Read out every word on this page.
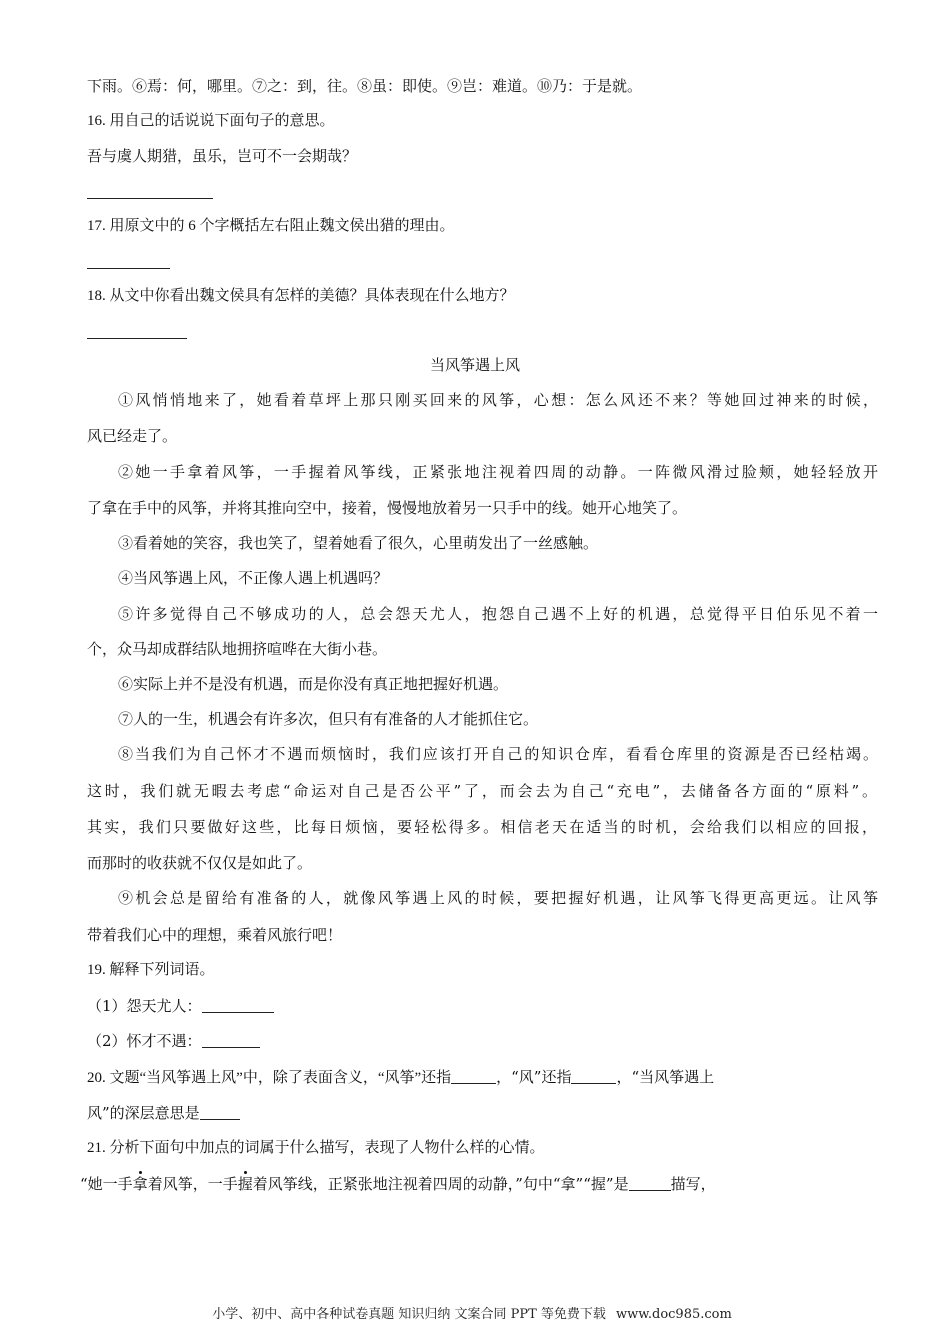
下雨。⑥焉：何，哪里。⑦之：到，往。⑧虽：即使。⑨岂：难道。⑩乃：于是就。
16. 用自己的话说说下面句子的意思。
吾与虞人期猎，虽乐，岂可不一会期哉？
17. 用原文中的 6 个字概括左右阻止魏文侯出猎的理由。
18. 从文中你看出魏文侯具有怎样的美德？具体表现在什么地方？
当风筝遇上风
①风悄悄地来了，她看着草坪上那只刚买回来的风筝，心想：怎么风还不来？等她回过神来的时候，
风已经走了。
②她一手拿着风筝，一手握着风筝线，正紧张地注视着四周的动静。一阵微风滑过脸颊，她轻轻放开
了拿在手中的风筝，并将其推向空中，接着，慢慢地放着另一只手中的线。她开心地笑了。
③看着她的笑容，我也笑了，望着她看了很久，心里萌发出了一丝感触。
④当风筝遇上风，不正像人遇上机遇吗？
⑤许多觉得自己不够成功的人，总会怨天尤人，抱怨自己遇不上好的机遇，总觉得平日伯乐见不着一
个，众马却成群结队地拥挤喧哗在大街小巷。
⑥实际上并不是没有机遇，而是你没有真正地把握好机遇。
⑦人的一生，机遇会有许多次，但只有有准备的人才能抓住它。
⑧当我们为自己怀才不遇而烦恼时，我们应该打开自己的知识仓库，看看仓库里的资源是否已经枯竭。
这时，我们就无暇去考虑“命运对自己是否公平”了，而会去为自己“充电”，去储备各方面的“原料”。
其实，我们只要做好这些，比每日烦恼，要轻松得多。相信老天在适当的时机，会给我们以相应的回报，
而那时的收获就不仅仅是如此了。
⑨机会总是留给有准备的人，就像风筝遇上风的时候，要把握好机遇，让风筝飞得更高更远。让风筝
带着我们心中的理想，乘着风旅行吧！
19. 解释下列词语。
（1）怨天尤人：
（2）怀才不遇：
20. 文题“当风筝遇上风”中，除了表面含义，“风筝”还指	，“风”还指	，“当风筝遇上
风”的深层意思是
21. 分析下面句中加点的词属于什么描写，表现了人物什么样的心情。
“她一手拿着风筝，一手握着风筝线，正紧张地注视着四周的动静，”句中“拿”“握”是	描写，
小学、初中、高中各种试卷真题 知识归纳 文案合同 PPT 等免费下载 www.doc985.com
